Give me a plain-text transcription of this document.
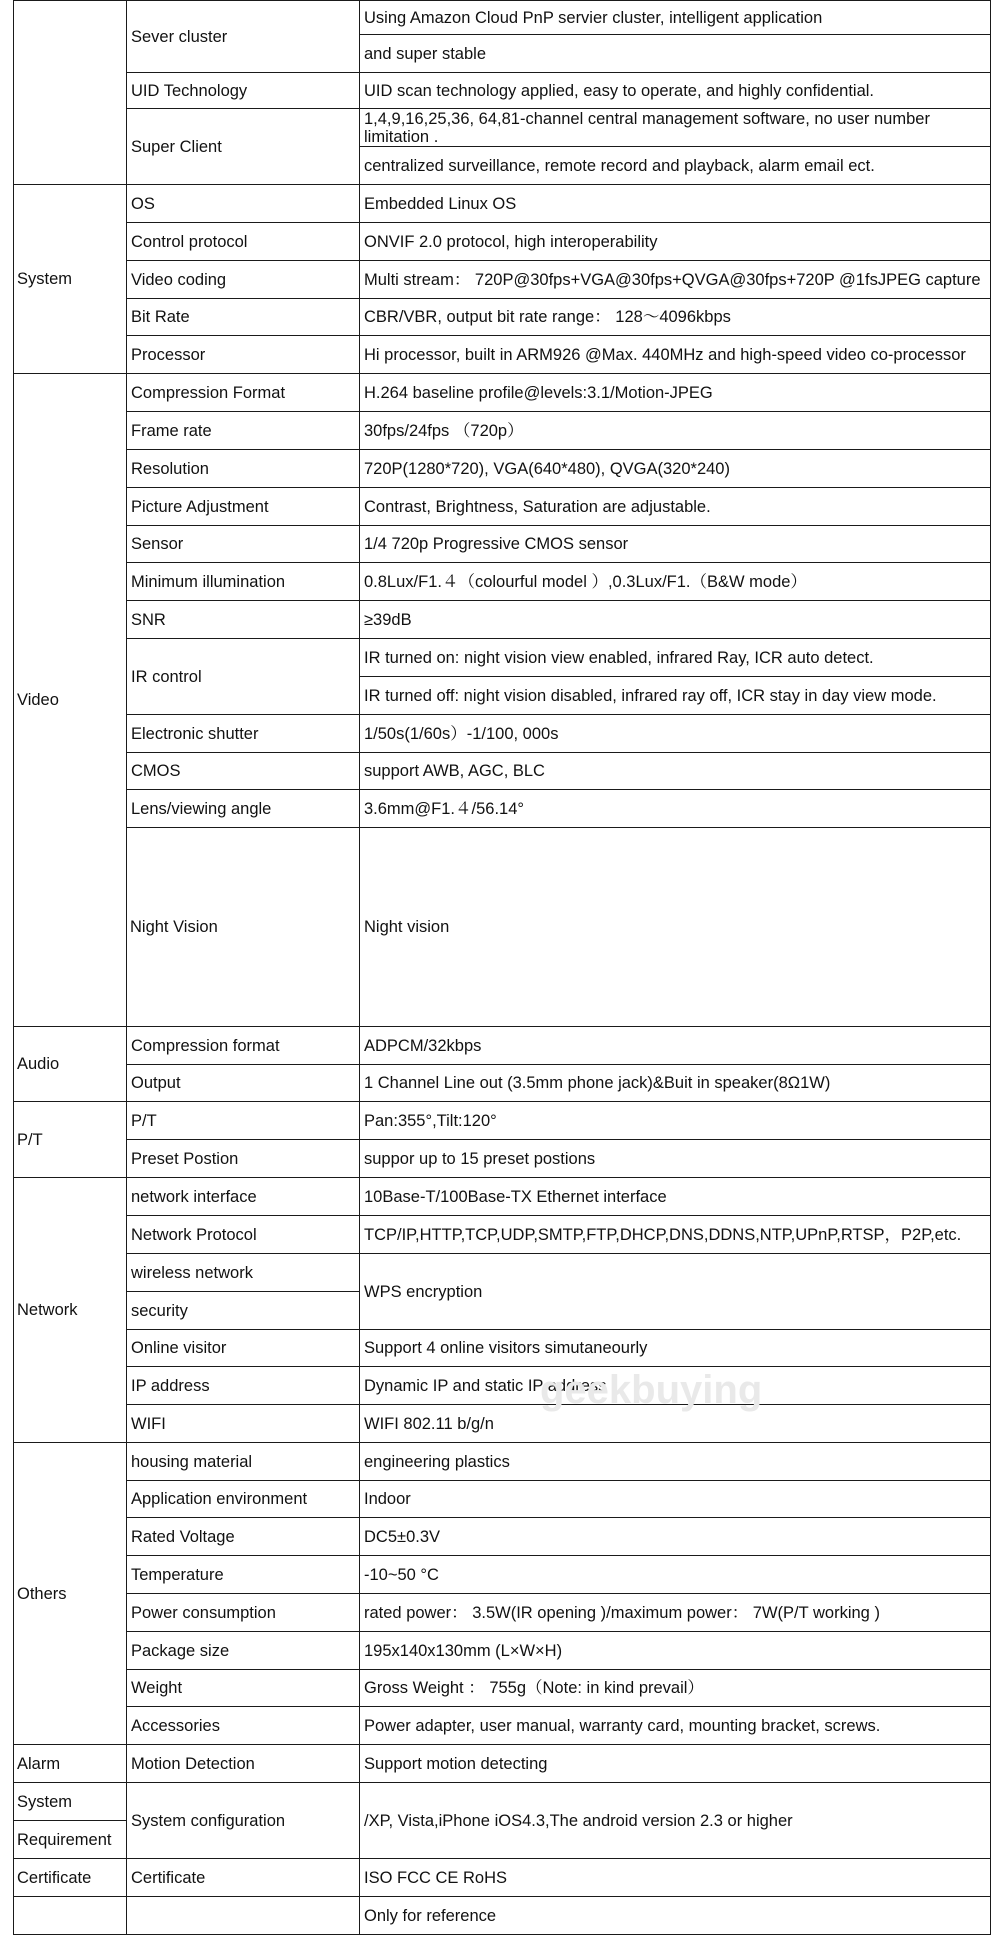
	Sever cluster	Using Amazon Cloud PnP servier cluster, intelligent application	
		and super stable	
	UID Technology	UID scan technology applied, easy to operate, and highly confidential.	
	Super Client	1,4,9,16,25,36, 64,81-channel central management software, no user number limitation .	
		centralized surveillance, remote record and playback, alarm email ect.	
System	OS	Embedded Linux OS	
	Control protocol	ONVIF 2.0 protocol, high interoperability	
	Video coding	Multi stream： 720P@30fps+VGA@30fps+QVGA@30fps+720P @1fsJPEG capture	
	Bit Rate	CBR/VBR, output bit rate range： 128～4096kbps	
	Processor	Hi processor, built in ARM926 @Max. 440MHz and high-speed video co-processor	
Video	Compression Format	H.264 baseline profile@levels:3.1/Motion-JPEG	
	Frame rate	30fps/24fps （720p）	
	Resolution	720P(1280*720), VGA(640*480), QVGA(320*240)	
	Picture Adjustment	Contrast, Brightness, Saturation are adjustable.	
	Sensor	1/4 720p Progressive CMOS sensor	
	Minimum illumination	0.8Lux/F1.４（colourful model ）,0.3Lux/F1.（B&W mode）	
	SNR	≥39dB	
	IR control	IR turned on: night vision view enabled, infrared Ray, ICR auto detect.	
		IR turned off: night vision disabled, infrared ray off, ICR stay in day view mode.	
	Electronic shutter	1/50s(1/60s）-1/100, 000s	
	CMOS	support AWB, AGC, BLC	
	Lens/viewing angle	3.6mm@F1.４/56.14°	
	Night Vision	Night vision	
Audio	Compression format	ADPCM/32kbps	
	Output	1 Channel Line out (3.5mm phone jack)&Buit in speaker(8Ω1W)	
P/T	P/T	Pan:355°,Tilt:120°	
	Preset Postion	suppor up to 15 preset postions	
Network	network interface	10Base-T/100Base-TX Ethernet interface	
	Network Protocol	TCP/IP,HTTP,TCP,UDP,SMTP,FTP,DHCP,DNS,DDNS,NTP,UPnP,RTSP，P2P,etc.	
	wireless network	WPS encryption	
	security		
	Online visitor	Support 4 online visitors simutaneourly	
	IP address	Dynamic IP and static IP address	
	WIFI	WIFI 802.11 b/g/n	
Others	housing material	engineering plastics	
	Application environment	Indoor	
	Rated Voltage	DC5±0.3V	
	Temperature	-10~50 °C	
	Power consumption	rated power： 3.5W(IR opening )/maximum power： 7W(P/T working )	
	Package size	195x140x130mm (L×W×H)	
	Weight	Gross Weight ： 755g（Note: in kind prevail）	
	Accessories	Power adapter, user manual, warranty card, mounting bracket, screws.	
Alarm	Motion Detection	Support motion detecting	
System	System configuration	/XP, Vista,iPhone iOS4.3,The android version 2.3 or higher	
Requirement			
Certificate	Certificate	ISO FCC CE RoHS	
		Only for reference	
geekbuying
